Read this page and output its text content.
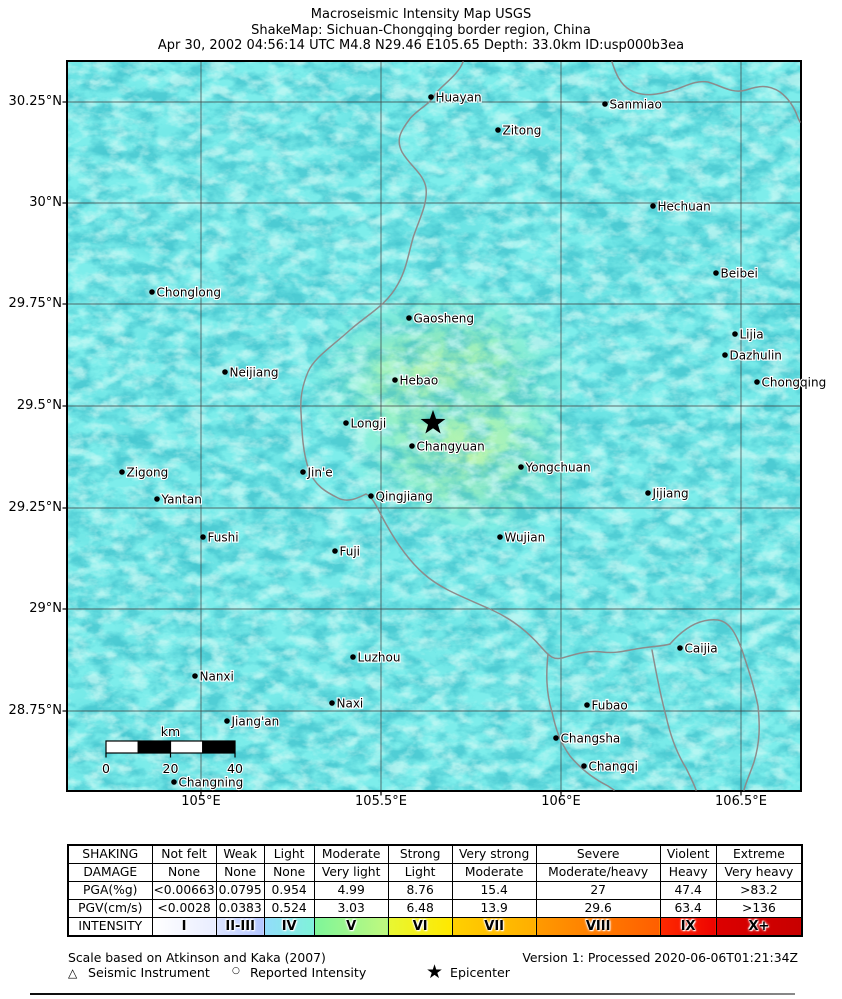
Macroseismic Intensity Map USGS
ShakeMap: Sichuan-Chongqing border region, China
Apr 30, 2002 04:56:14 UTC M4.8 N29.46 E105.65 Depth: 33.0km ID:usp000b3ea
0	20	40
km
Huayan	Sanmiao
Zitong
Hechuan
Beibei
Chonglong
Gaosheng
Lijia
Dazhulin
Neijiang
Hebao	Chongqing
Longji
Changyuan
Yongchuan
Jin'e
Zigong
Jijiang
Qingjiang
Yantan
Fushi	Wujian
Fuji
Caijia
Luzhou
Nanxi
Naxi	Fubao
Jiang'an
Changsha
Changqi
Changning
SHAKING	Not felt	Weak	Light	Moderate	Strong	Very strong	Severe	Violent	Extreme
DAMAGE	None	None	None	Very light	Light	Moderate	Moderate/heavy	Heavy	Very heavy
PGA(%g)	<0.00663	0.0795	0.954	4.99	8.76	15.4	27	47.4	>83.2
PGV(cm/s)	<0.0028	0.0383	0.524	3.03	6.48	13.9	29.6	63.4	>136
INTENSITY	I	II-III	IV	V	VI	VII	VIII	IX	X+
Scale based on Atkinson and Kaka (2007)	Version 1: Processed 2020-06-06T01:21:34Z
△ Seismic Instrument ○ Reported Intensity	★ Epicenter
105°E	105.5°E	106°E	106.5°E
30.25°N
30°N
29.75°N
29.5°N
29.25°N
29°N
28.75°N
